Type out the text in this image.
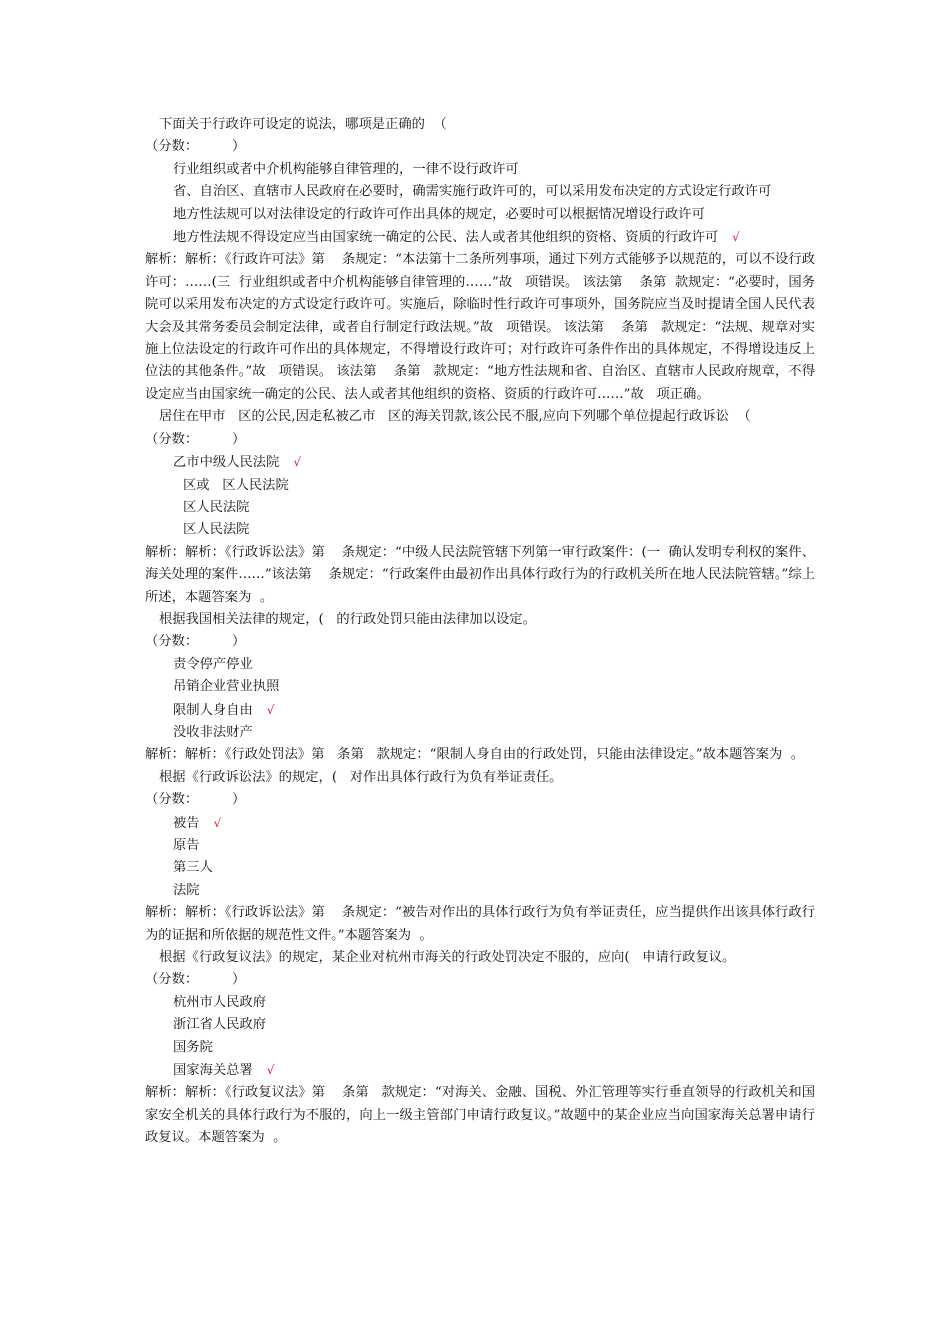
下面关于行政许可设定的说法，哪项是正确的  （
（分数：        ）
行业组织或者中介机构能够自律管理的，一律不设行政许可
省、自治区、直辖市人民政府在必要时，确需实施行政许可的，可以采用发布决定的方式设定行政许可
地方性法规可以对法律设定的行政许可作出具体的规定，必要时可以根据情况增设行政许可
地方性法规不得设定应当由国家统一确定的公民、法人或者其他组织的资格、资质的行政许可 √
解析：解析：《行政许可法》第    条规定：“本法第十二条所列事项，通过下列方式能够予以规范的，可以不设行政许可：……(三  行业组织或者中介机构能够自律管理的……”故   项错误。 该法第    条第  款规定：“必要时，国务院可以采用发布决定的方式设定行政许可。实施后，除临时性行政许可事项外，国务院应当及时提请全国人民代表大会及其常务委员会制定法律，或者自行制定行政法规。”故   项错误。 该法第    条第   款规定：“法规、规章对实施上位法设定的行政许可作出的具体规定，不得增设行政许可；对行政许可条件作出的具体规定，不得增设违反上位法的其他条件。”故   项错误。 该法第    条第   款规定：“地方性法规和省、自治区、直辖市人民政府规章，不得设定应当由国家统一确定的公民、法人或者其他组织的资格、资质的行政许可……”故   项正确。
居住在甲市   区的公民,因走私被乙市   区的海关罚款,该公民不服,应向下列哪个单位提起行政诉讼  （
（分数：        ）
乙市中级人民法院 √
区或   区人民法院
区人民法院
区人民法院
解析：解析：《行政诉讼法》第    条规定：“中级人民法院管辖下列第一审行政案件：(一  确认发明专利权的案件、海关处理的案件……”该法第    条规定：“行政案件由最初作出具体行政行为的行政机关所在地人民法院管辖。”综上所述，本题答案为  。
根据我国相关法律的规定，(   的行政处罚只能由法律加以设定。
（分数：        ）
责令停产停业
吊销企业营业执照
限制人身自由 √
没收非法财产
解析：解析：《行政处罚法》第   条第   款规定：“限制人身自由的行政处罚，只能由法律设定。”故本题答案为  。
根据《行政诉讼法》的规定，(   对作出具体行政行为负有举证责任。
（分数：        ）
被告 √
原告
第三人
法院
解析：解析：《行政诉讼法》第    条规定：“被告对作出的具体行政行为负有举证责任，应当提供作出该具体行政行为的证据和所依据的规范性文件。”本题答案为  。
根据《行政复议法》的规定，某企业对杭州市海关的行政处罚决定不服的，应向(   申请行政复议。
（分数：        ）
杭州市人民政府
浙江省人民政府
国务院
国家海关总署 √
解析：解析：《行政复议法》第    条第   款规定：“对海关、金融、国税、外汇管理等实行垂直领导的行政机关和国家安全机关的具体行政行为不服的，向上一级主管部门申请行政复议。”故题中的某企业应当向国家海关总署申请行政复议。本题答案为  。
